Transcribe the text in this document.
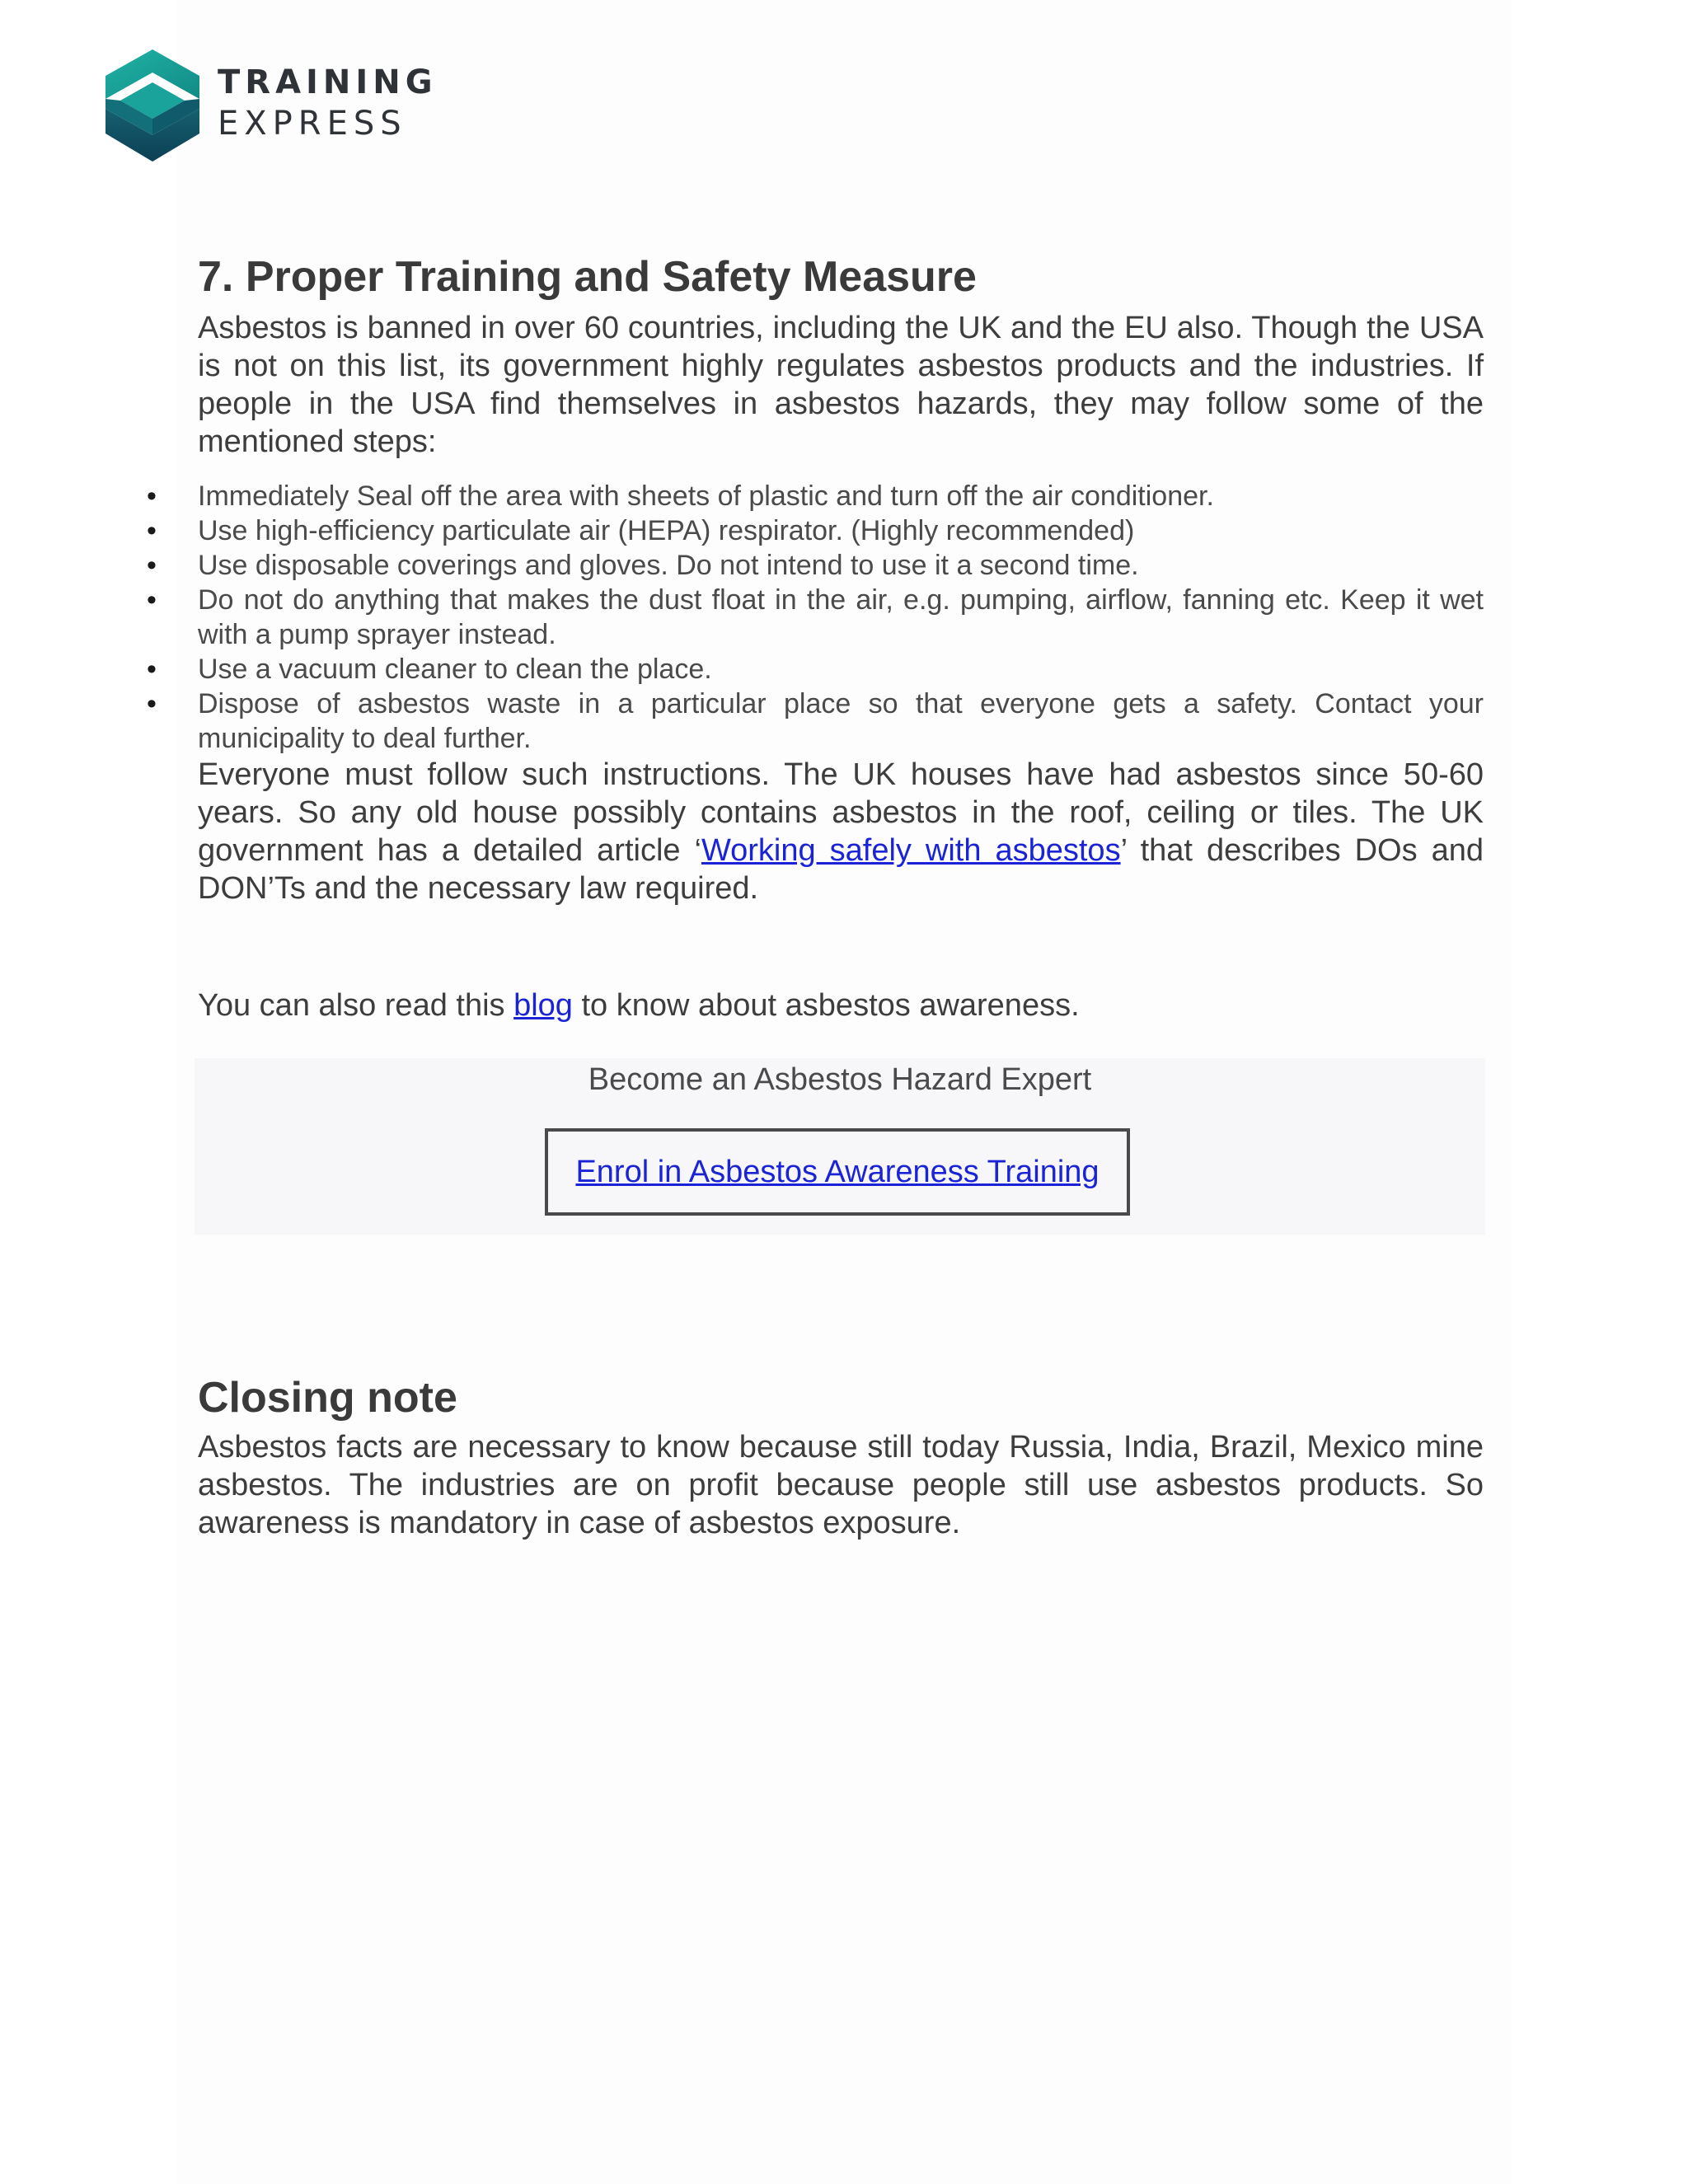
TRAINING
EXPRESS
7. Proper Training and Safety Measure

Asbestos is banned in over 60 countries, including the UK and the EU also. Though the USA is not on this list, its government highly regulates asbestos products and the industries. If people in the USA find themselves in asbestos hazards, they may follow some of the mentioned steps:

• Immediately Seal off the area with sheets of plastic and turn off the air conditioner.
• Use high-efficiency particulate air (HEPA) respirator. (Highly recommended)
• Use disposable coverings and gloves. Do not intend to use it a second time.
• Do not do anything that makes the dust float in the air, e.g. pumping, airflow, fanning etc. Keep it wet with a pump sprayer instead.
• Use a vacuum cleaner to clean the place.
• Dispose of asbestos waste in a particular place so that everyone gets a safety. Contact your municipality to deal further.

Everyone must follow such instructions. The UK houses have had asbestos since 50-60 years. So any old house possibly contains asbestos in the roof, ceiling or tiles. The UK government has a detailed article ‘Working safely with asbestos’ that describes DOs and DON’Ts and the necessary law required.

You can also read this blog to know about asbestos awareness.

Become an Asbestos Hazard Expert
Enrol in Asbestos Awareness Training
Closing note

Asbestos facts are necessary to know because still today Russia, India, Brazil, Mexico mine asbestos. The industries are on profit because people still use asbestos products. So awareness is mandatory in case of asbestos exposure.
